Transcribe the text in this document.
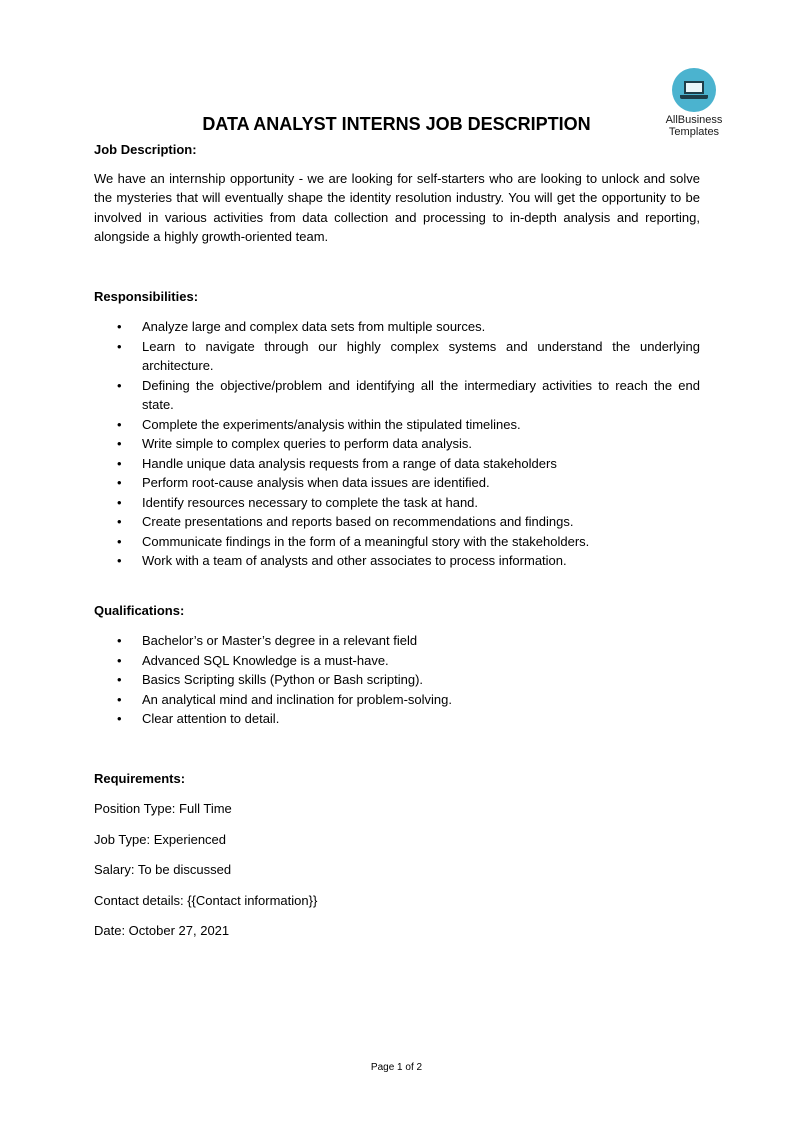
AllBusiness
Templates
DATA ANALYST INTERNS JOB DESCRIPTION

Job Description:

We have an internship opportunity - we are looking for self-starters who are looking to unlock and solve the mysteries that will eventually shape the identity resolution industry. You will get the opportunity to be involved in various activities from data collection and processing to in-depth analysis and reporting, alongside a highly growth-oriented team.

Responsibilities:

• Analyze large and complex data sets from multiple sources.
• Learn to navigate through our highly complex systems and understand the underlying architecture.
• Defining the objective/problem and identifying all the intermediary activities to reach the end state.
• Complete the experiments/analysis within the stipulated timelines.
• Write simple to complex queries to perform data analysis.
• Handle unique data analysis requests from a range of data stakeholders
• Perform root-cause analysis when data issues are identified.
• Identify resources necessary to complete the task at hand.
• Create presentations and reports based on recommendations and findings.
• Communicate findings in the form of a meaningful story with the stakeholders.
• Work with a team of analysts and other associates to process information.

Qualifications:

• Bachelor’s or Master’s degree in a relevant field
• Advanced SQL Knowledge is a must-have.
• Basics Scripting skills (Python or Bash scripting).
• An analytical mind and inclination for problem-solving.
• Clear attention to detail.

Requirements:

Position Type: Full Time

Job Type: Experienced

Salary: To be discussed

Contact details: {{Contact information}}

Date: October 27, 2021

Page 1 of 2
